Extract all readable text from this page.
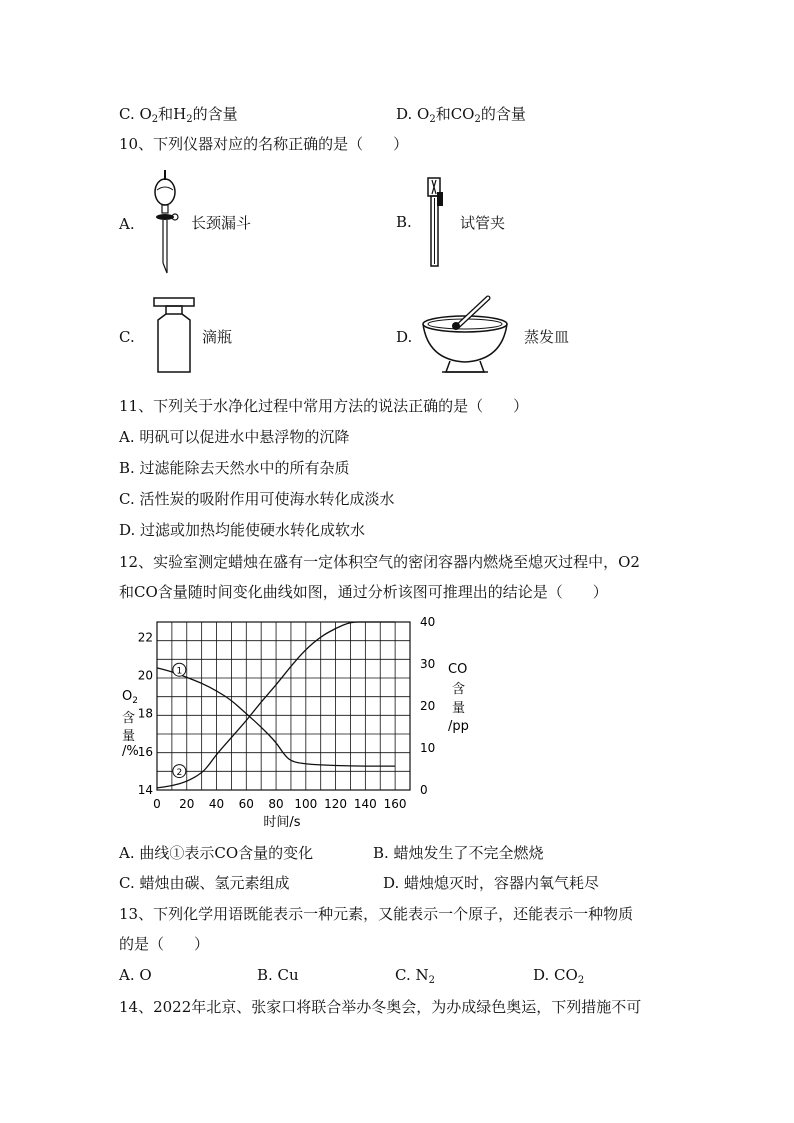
C. $O_2$和$H_2$的含量	D. $O_2$和$CO_2$的含量
10、下列仪器对应的名称正确的是（　　）
A.	长颈漏斗	B.	试管夹
C.	滴瓶	D.	蒸发皿
11、下列关于水净化过程中常用方法的说法正确的是（　　）
A. 明矾可以促进水中悬浮物的沉降
B. 过滤能除去天然水中的所有杂质
C. 活性炭的吸附作用可使海水转化成淡水
D. 过滤或加热均能使硬水转化成软水
12、实验室测定蜡烛在盛有一定体积空气的密闭容器内燃烧至熄灭过程中，O2
和CO含量随时间变化曲线如图，通过分析该图可推理出的结论是（　　）
1
2
0 20 40 60 80 100 120 140 160
14
16
18
20
22
0
10
20
30
40
时间/s
$O_2$
含
量
/%
CO
含
量
/pp
A. 曲线①表示CO含量的变化	B. 蜡烛发生了不完全燃烧
C. 蜡烛由碳、氢元素组成	D. 蜡烛熄灭时，容器内氧气耗尽
13、下列化学用语既能表示一种元素，又能表示一个原子，还能表示一种物质
的是（　　）
A. O	B. Cu	C. $N_2$	D. $CO_2$
14、2022年北京、张家口将联合举办冬奥会，为办成绿色奥运，下列措施不可
